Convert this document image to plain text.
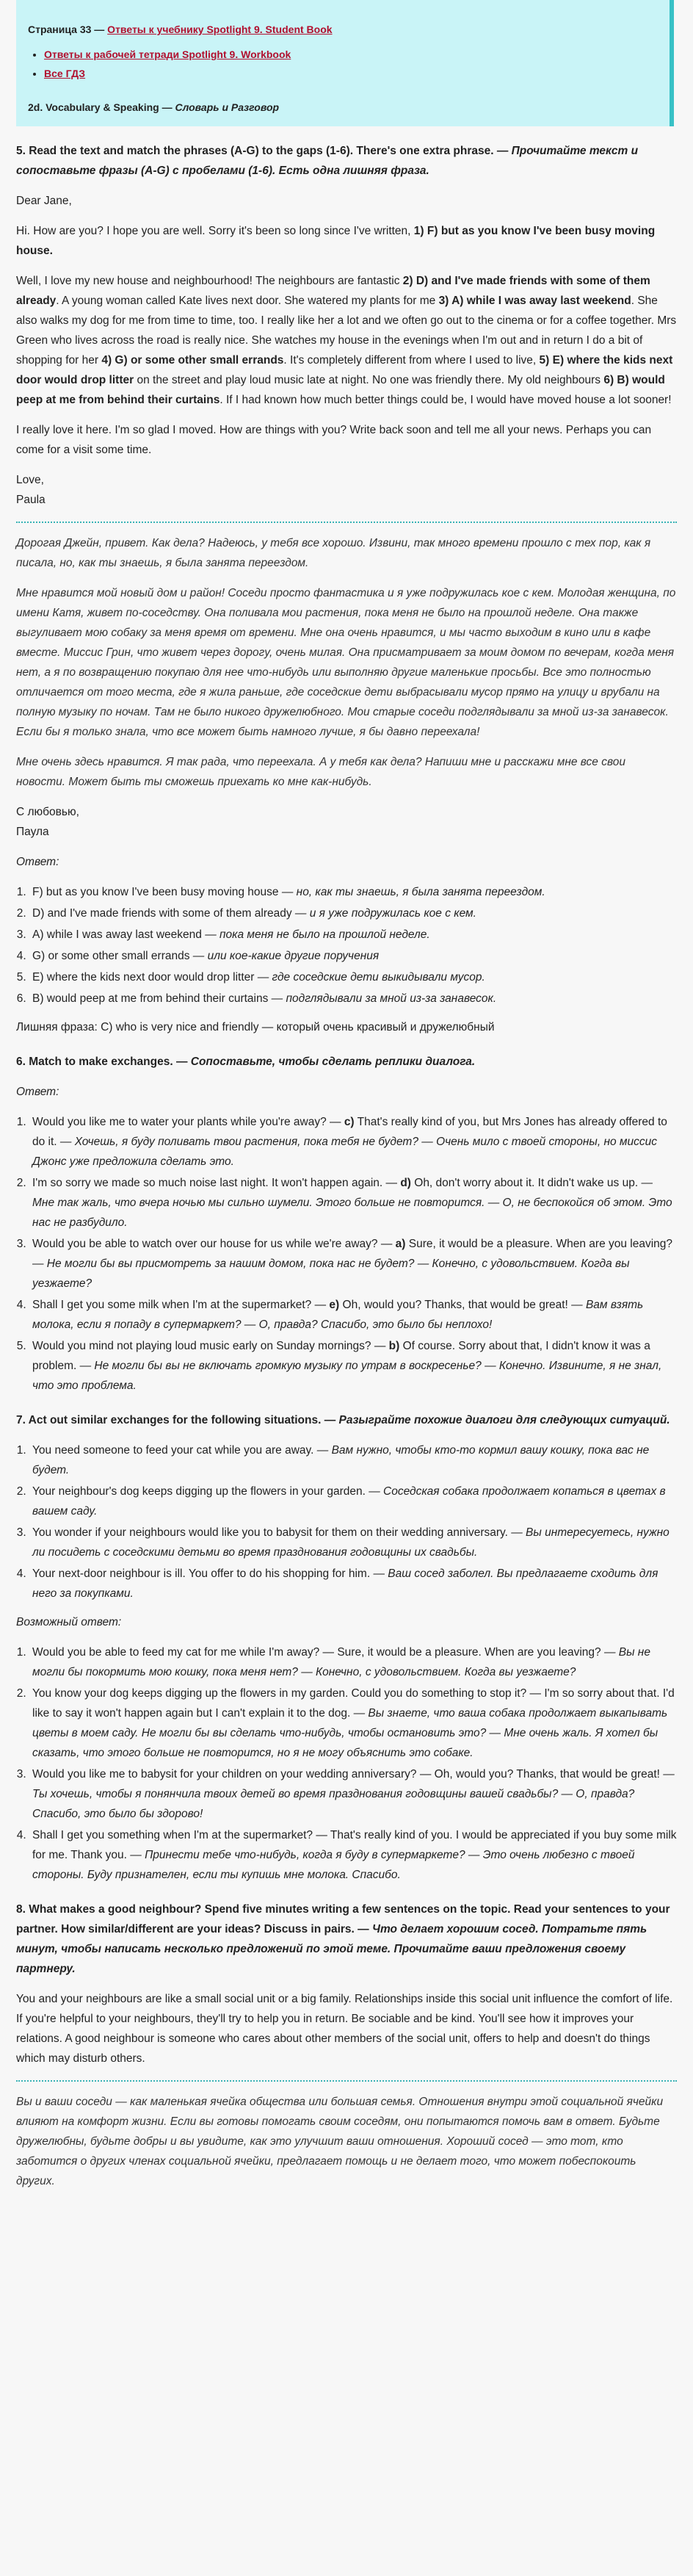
Страница 33 — Ответы к учебнику Spotlight 9. Student Book

• Ответы к рабочей тетради Spotlight 9. Workbook
• Все ГДЗ

2d. Vocabulary & Speaking — Словарь и Разговор

5. Read the text and match the phrases (A-G) to the gaps (1-6). There's one extra phrase. — Прочитайте текст и сопоставьте фразы (A-G) с пробелами (1-6). Есть одна лишняя фраза.

Dear Jane,

Hi. How are you? I hope you are well. Sorry it's been so long since I've written, 1) F) but as you know I've been busy moving house.

Well, I love my new house and neighbourhood! The neighbours are fantastic 2) D) and I've made friends with some of them already. A young woman called Kate lives next door. She watered my plants for me 3) A) while I was away last weekend. She also walks my dog for me from time to time, too. I really like her a lot and we often go out to the cinema or for a coffee together. Mrs Green who lives across the road is really nice. She watches my house in the evenings when I'm out and in return I do a bit of shopping for her 4) G) or some other small errands. It's completely different from where I used to live, 5) E) where the kids next door would drop litter on the street and play loud music late at night. No one was friendly there. My old neighbours 6) B) would peep at me from behind their curtains. If I had known how much better things could be, I would have moved house a lot sooner!

I really love it here. I'm so glad I moved. How are things with you? Write back soon and tell me all your news. Perhaps you can come for a visit some time.

Love,
Paula

Дорогая Джейн, привет. Как дела? Надеюсь, у тебя все хорошо. Извини, так много времени прошло с тех пор, как я писала, но, как ты знаешь, я была занята переездом.

Мне нравится мой новый дом и район! Соседи просто фантастика и я уже подружилась кое с кем. Молодая женщина, по имени Катя, живет по-соседству. Она поливала мои растения, пока меня не было на прошлой неделе. Она также выгуливает мою собаку за меня время от времени. Мне она очень нравится, и мы часто выходим в кино или в кафе вместе. Миссис Грин, что живет через дорогу, очень милая. Она присматривает за моим домом по вечерам, когда меня нет, а я по возвращению покупаю для нее что-нибудь или выполняю другие маленькие просьбы. Все это полностью отличается от того места, где я жила раньше, где соседские дети выбрасывали мусор прямо на улицу и врубали на полную музыку по ночам. Там не было никого дружелюбного. Мои старые соседи подглядывали за мной из-за занавесок. Если бы я только знала, что все может быть намного лучше, я бы давно переехала!

Мне очень здесь нравится. Я так рада, что переехала. А у тебя как дела? Напиши мне и расскажи мне все свои новости. Может быть ты сможешь приехать ко мне как-нибудь.

С любовью,
Паула

Ответ:

1. F) but as you know I've been busy moving house — но, как ты знаешь, я была занята переездом.
2. D) and I've made friends with some of them already — и я уже подружилась кое с кем.
3. A) while I was away last weekend — пока меня не было на прошлой неделе.
4. G) or some other small errands — или кое-какие другие поручения
5. E) where the kids next door would drop litter — где соседские дети выкидывали мусор.
6. B) would peep at me from behind their curtains — подглядывали за мной из-за занавесок.

Лишняя фраза: C) who is very nice and friendly — который очень красивый и дружелюбный

6. Match to make exchanges. — Сопоставьте, чтобы сделать реплики диалога.

Ответ:

1. Would you like me to water your plants while you're away? — c) That's really kind of you, but Mrs Jones has already offered to do it. — Хочешь, я буду поливать твои растения, пока тебя не будет? — Очень мило с твоей стороны, но миссис Джонс уже предложила сделать это.
2. I'm so sorry we made so much noise last night. It won't happen again. — d) Oh, don't worry about it. It didn't wake us up. — Мне так жаль, что вчера ночью мы сильно шумели. Этого больше не повторится. — О, не беспокойся об этом. Это нас не разбудило.
3. Would you be able to watch over our house for us while we're away? — a) Sure, it would be a pleasure. When are you leaving? — Не могли бы вы присмотреть за нашим домом, пока нас не будет? — Конечно, с удовольствием. Когда вы уезжаете?
4. Shall I get you some milk when I'm at the supermarket? — e) Oh, would you? Thanks, that would be great! — Вам взять молока, если я попаду в супермаркет? — О, правда? Спасибо, это было бы неплохо!
5. Would you mind not playing loud music early on Sunday mornings? — b) Of course. Sorry about that, I didn't know it was a problem. — Не могли бы вы не включать громкую музыку по утрам в воскресенье? — Конечно. Извините, я не знал, что это проблема.
7. Act out similar exchanges for the following situations. — Разыграйте похожие диалоги для следующих ситуаций.
1. You need someone to feed your cat while you are away. — Вам нужно, чтобы кто-то кормил вашу кошку, пока вас не будет.
2. Your neighbour's dog keeps digging up the flowers in your garden. — Соседская собака продолжает копаться в цветах в вашем саду.
3. You wonder if your neighbours would like you to babysit for them on their wedding anniversary. — Вы интересуетесь, нужно ли посидеть с соседскими детьми во время празднования годовщины их свадьбы.
4. Your next-door neighbour is ill. You offer to do his shopping for him. — Ваш сосед заболел. Вы предлагаете сходить для него за покупками.

Возможный ответ:

1. Would you be able to feed my cat for me while I'm away? — Sure, it would be a pleasure. When are you leaving? — Вы не могли бы покормить мою кошку, пока меня нет? — Конечно, с удовольствием. Когда вы уезжаете?
2. You know your dog keeps digging up the flowers in my garden. Could you do something to stop it? — I'm so sorry about that. I'd like to say it won't happen again but I can't explain it to the dog. — Вы знаете, что ваша собака продолжает выкапывать цветы в моем саду. Не могли бы вы сделать что-нибудь, чтобы остановить это? — Мне очень жаль. Я хотел бы сказать, что этого больше не повторится, но я не могу объяснить это собаке.
3. Would you like me to babysit for your children on your wedding anniversary? — Oh, would you? Thanks, that would be great! — Ты хочешь, чтобы я понянчила твоих детей во время празднования годовщины вашей свадьбы? — О, правда? Спасибо, это было бы здорово!
4. Shall I get you something when I'm at the supermarket? — That's really kind of you. I would be appreciated if you buy some milk for me. Thank you. — Принести тебе что-нибудь, когда я буду в супермаркете? — Это очень любезно с твоей стороны. Буду признателен, если ты купишь мне молока. Спасибо.
8. What makes a good neighbour? Spend five minutes writing a few sentences on the topic. Read your sentences to your partner. How similar/different are your ideas? Discuss in pairs. — Что делает хорошим сосед. Потратьте пять минут, чтобы написать несколько предложений по этой теме. Прочитайте ваши предложения своему партнеру.

You and your neighbours are like a small social unit or a big family. Relationships inside this social unit influence the comfort of life. If you're helpful to your neighbours, they'll try to help you in return. Be sociable and be kind. You'll see how it improves your relations. A good neighbour is someone who cares about other members of the social unit, offers to help and doesn't do things which may disturb others.

Вы и ваши соседи — как маленькая ячейка общества или большая семья. Отношения внутри этой социальной ячейки влияют на комфорт жизни. Если вы готовы помогать своим соседям, они попытаются помочь вам в ответ. Будьте дружелюбны, будьте добры и вы увидите, как это улучшит ваши отношения. Хороший сосед — это тот, кто заботится о других членах социальной ячейки, предлагает помощь и не делает того, что может побеспокоить других.
